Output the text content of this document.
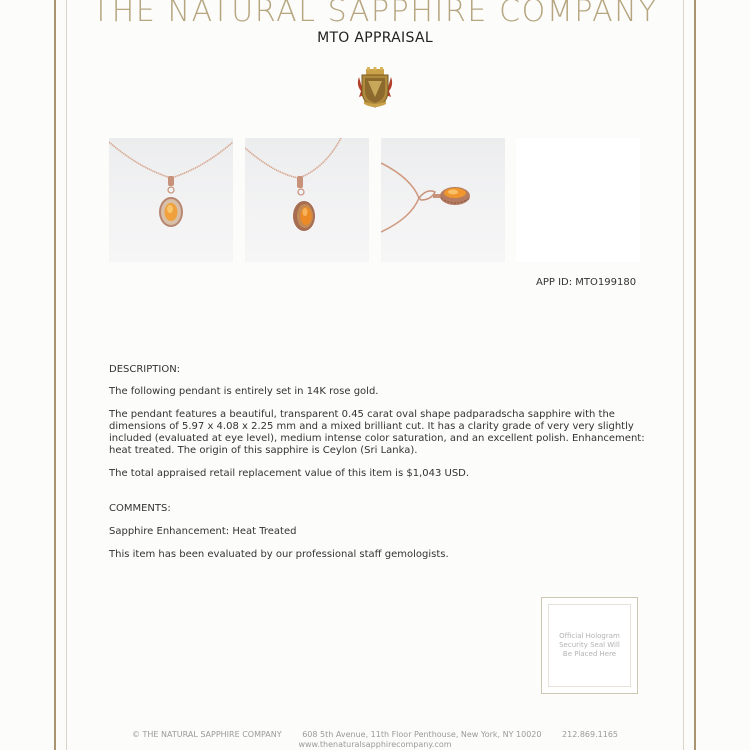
THE NATURAL SAPPHIRE COMPANY
MTO APPRAISAL
APP ID: MTO199180
DESCRIPTION:
The following pendant is entirely set in 14K rose gold.
The pendant features a beautiful, transparent 0.45 carat oval shape padparadscha sapphire with the dimensions of 5.97 x 4.08 x 2.25 mm and a mixed brilliant cut. It has a clarity grade of very very slightly included (evaluated at eye level), medium intense color saturation, and an excellent polish. Enhancement: heat treated. The origin of this sapphire is Ceylon (Sri Lanka).
The total appraised retail replacement value of this item is $1,043 USD.
COMMENTS:
Sapphire Enhancement: Heat Treated
This item has been evaluated by our professional staff gemologists.
Official Hologram Security Seal Will Be Placed Here
© THE NATURAL SAPPHIRE COMPANY	608 5th Avenue, 11th Floor Penthouse, New York, NY 10020	212.869.1165
www.thenaturalsapphirecompany.com
